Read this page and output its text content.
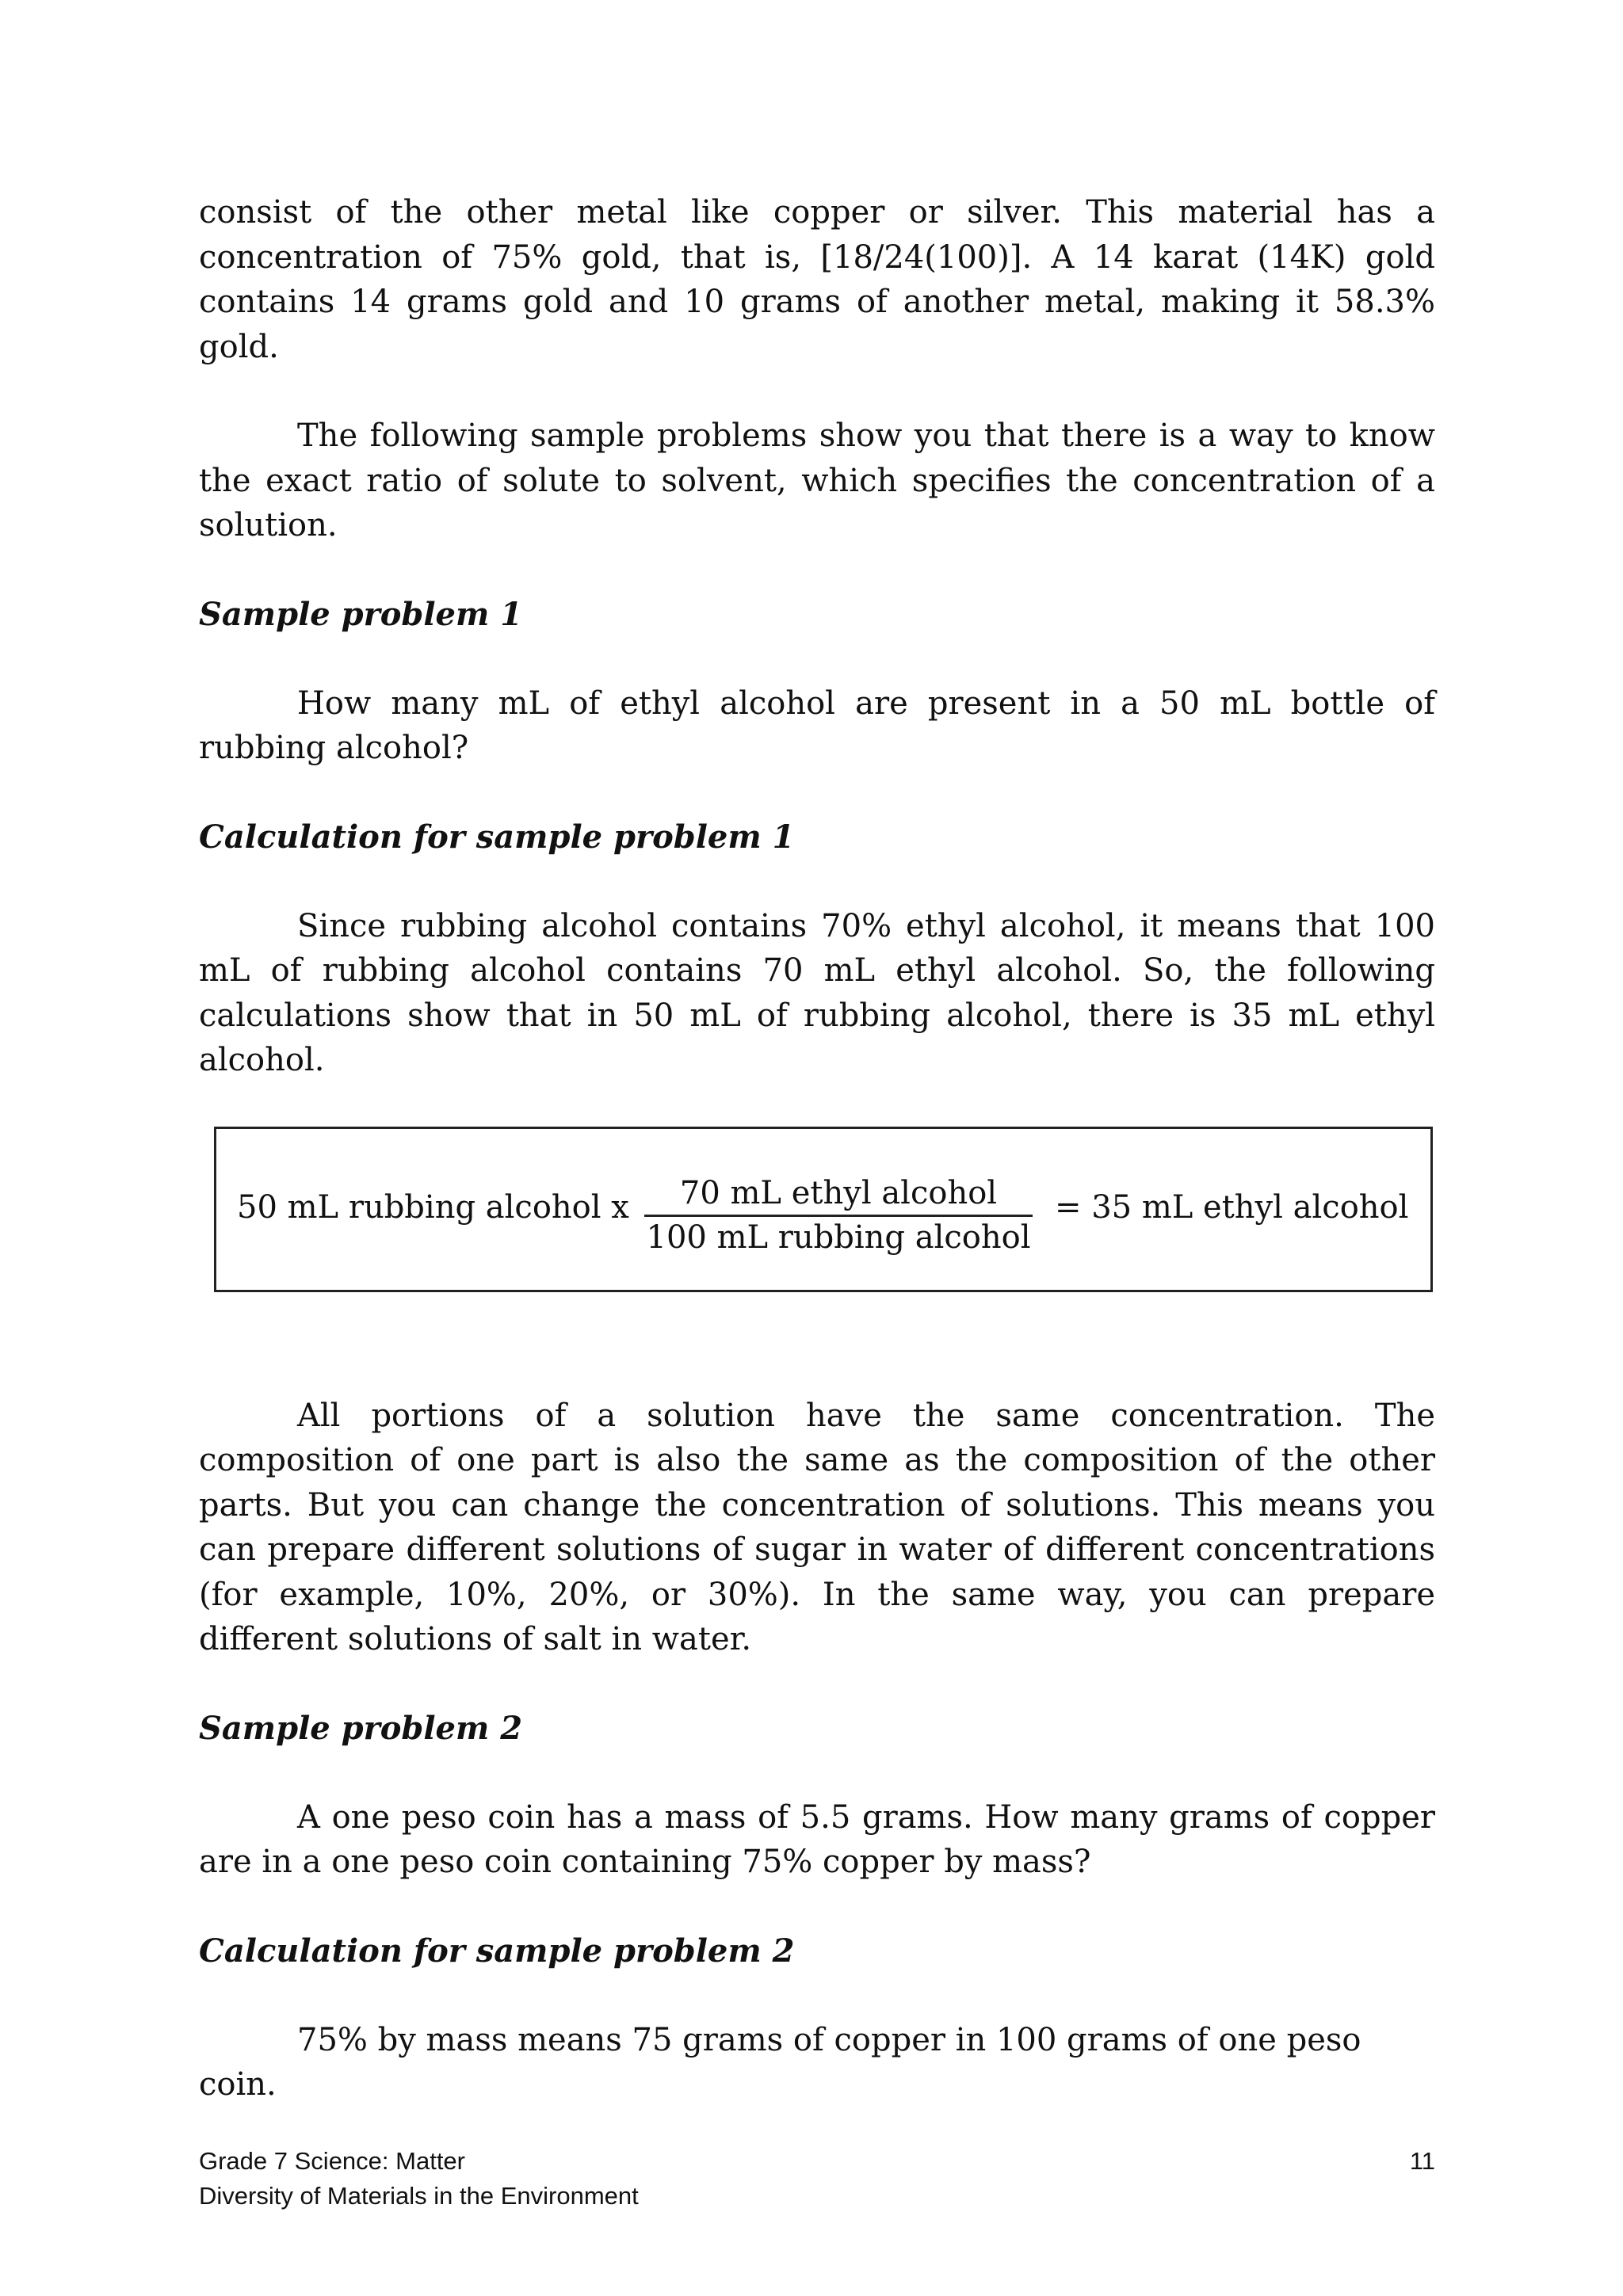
consist of the other metal like copper or silver. This material has a concentration of 75% gold, that is, [18/24(100)]. A 14 karat (14K) gold contains 14 grams gold and 10 grams of another metal, making it 58.3% gold.

The following sample problems show you that there is a way to know the exact ratio of solute to solvent, which specifies the concentration of a solution.

Sample problem 1

How many mL of ethyl alcohol are present in a 50 mL bottle of rubbing alcohol?

Calculation for sample problem 1

Since rubbing alcohol contains 70% ethyl alcohol, it means that 100 mL of rubbing alcohol contains 70 mL ethyl alcohol. So, the following calculations show that in 50 mL of rubbing alcohol, there is 35 mL ethyl alcohol.

All portions of a solution have the same concentration. The composition of one part is also the same as the composition of the other parts. But you can change the concentration of solutions. This means you can prepare different solutions of sugar in water of different concentrations (for example, 10%, 20%, or 30%). In the same way, you can prepare different solutions of salt in water.

Sample problem 2

A one peso coin has a mass of 5.5 grams. How many grams of copper are in a one peso coin containing 75% copper by mass?

Calculation for sample problem 2

75% by mass means 75 grams of copper in 100 grams of one peso coin.

50 mL rubbing alcohol x	70 mL ethyl alcohol
100 mL rubbing alcohol
= 35 mL ethyl alcohol
Grade 7 Science: Matter
Diversity of Materials in the Environment
11
